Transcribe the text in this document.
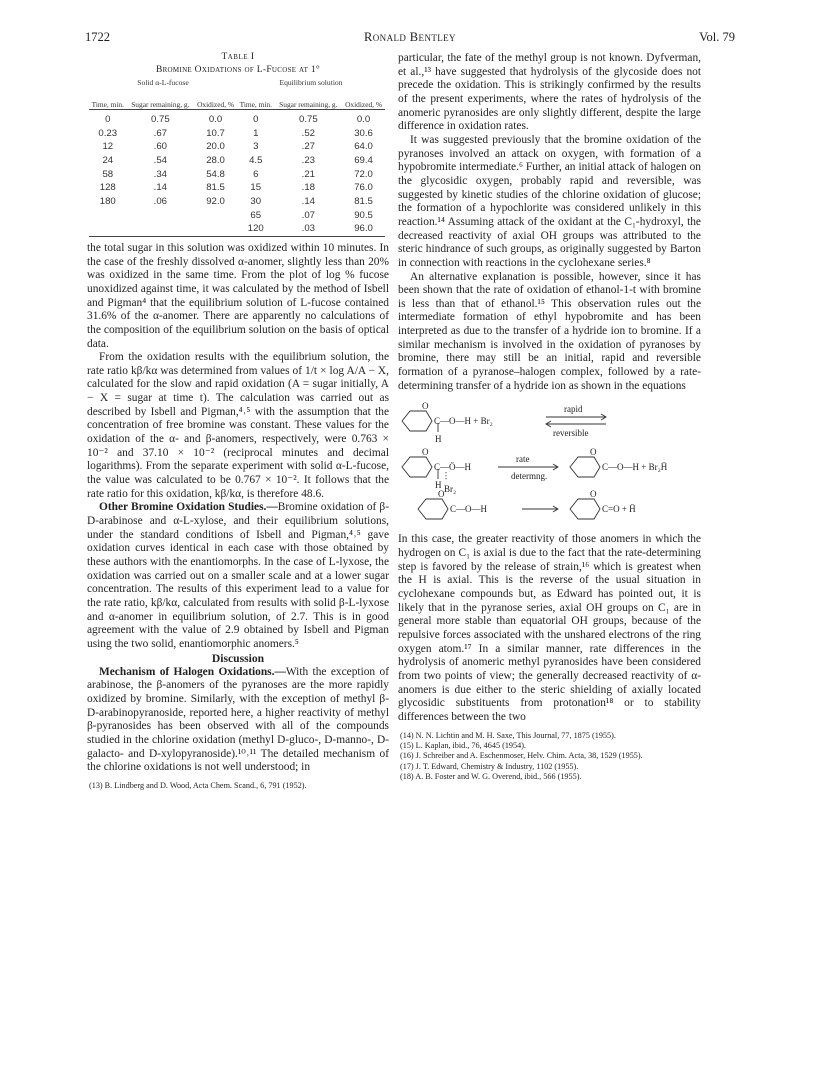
1722	Ronald Bentley	Vol. 79
Table I
Bromine Oxidations of L-Fucose at 1°
Solid α-L-fucose			Equilibrium solution		
Time, min.	Sugar remaining, g.	Oxidized, %	Time, min.	Sugar remaining, g.	Oxidized, %

0	0.75	0.0	0	0.75	0.0
0.23	.67	10.7	1	.52	30.6
12	.60	20.0	3	.27	64.0
24	.54	28.0	4.5	.23	69.4
58	.34	54.8	6	.21	72.0
128	.14	81.5	15	.18	76.0
180	.06	92.0	30	.14	81.5
			65	.07	90.5
			120	.03	96.0

the total sugar in this solution was oxidized within 10 minutes. In the case of the freshly dissolved α-anomer, slightly less than 20% was oxidized in the same time. From the plot of log % fucose unoxidized against time, it was calculated by the method of Isbell and Pigman⁴ that the equilibrium solution of L-fucose contained 31.6% of the α-anomer. There are apparently no calculations of the composition of the equilibrium solution on the basis of optical data.

From the oxidation results with the equilibrium solution, the rate ratio kβ/kα was determined from values of 1/t × log A/A − X, calculated for the slow and rapid oxidation (A = sugar initially, A − X = sugar at time t). The calculation was carried out as described by Isbell and Pigman,⁴˒⁵ with the assumption that the concentration of free bromine was constant. These values for the oxidation of the α- and β-anomers, respectively, were 0.763 × 10⁻² and 37.10 × 10⁻² (reciprocal minutes and decimal logarithms). From the separate experiment with solid α-L-fucose, the value was calculated to be 0.767 × 10⁻². It follows that the rate ratio for this oxidation, kβ/kα, is therefore 48.6.

Other Bromine Oxidation Studies.—Bromine oxidation of β-D-arabinose and α-L-xylose, and their equilibrium solutions, under the standard conditions of Isbell and Pigman,⁴˒⁵ gave oxidation curves identical in each case with those obtained by these authors with the enantiomorphs. In the case of L-lyxose, the oxidation was carried out on a smaller scale and at a lower sugar concentration. The results of this experiment lead to a value for the rate ratio, kβ/kα, calculated from results with solid β-L-lyxose and α-anomer in equilibrium solution, of 2.7. This is in good agreement with the value of 2.9 obtained by Isbell and Pigman using the two solid, enantiomorphic anomers.⁵

Discussion

Mechanism of Halogen Oxidations.—With the exception of arabinose, the β-anomers of the pyranoses are the more rapidly oxidized by bromine. Similarly, with the exception of methyl β-D-arabinopyranoside, reported here, a higher reactivity of methyl β-pyranosides has been observed with all of the compounds studied in the chlorine oxidation (methyl D-gluco-, D-manno-, D-galacto- and D-xylopyranoside).¹⁰˒¹¹ The detailed mechanism of the chlorine oxidations is not well understood; in

(13) B. Lindberg and D. Wood, Acta Chem. Scand., 6, 791 (1952).

particular, the fate of the methyl group is not known. Dyfverman, et al.,¹³ have suggested that hydrolysis of the glycoside does not precede the oxidation. This is strikingly confirmed by the results of the present experiments, where the rates of hydrolysis of the anomeric pyranosides are only slightly different, despite the large difference in oxidation rates.

It was suggested previously that the bromine oxidation of the pyranoses involved an attack on oxygen, with formation of a hypobromite intermediate.⁶ Further, an initial attack of halogen on the glycosidic oxygen, probably rapid and reversible, was suggested by kinetic studies of the chlorine oxidation of glucose; the formation of a hypochlorite was considered unlikely in this reaction.¹⁴ Assuming attack of the oxidant at the C₁-hydroxyl, the decreased reactivity of axial OH groups was attributed to the steric hindrance of such groups, as originally suggested by Barton in connection with reactions in the cyclohexane series.⁸

An alternative explanation is possible, however, since it has been shown that the rate of oxidation of ethanol-1-t with bromine is less than that of ethanol.¹⁵ This observation rules out the intermediate formation of ethyl hypobromite and has been interpreted as due to the transfer of a hydride ion to bromine. If a similar mechanism is involved in the oxidation of pyranoses by bromine, there may still be an initial, rapid and reversible formation of a pyranose–halogen complex, followed by a rate-determining transfer of a hydride ion as shown in the equations

O
O	O
O	O
C—O—H + Br₂
H
rapid
reversible
C—Ö—H
H Br₂
rate
determng.
C—O—H + Br₂H̄
C—O—H	C=O + H̄

In this case, the greater reactivity of those anomers in which the hydrogen on C₁ is axial is due to the fact that the rate-determining step is favored by the release of strain,¹⁶ which is greatest when the H is axial. This is the reverse of the usual situation in cyclohexane compounds but, as Edward has pointed out, it is likely that in the pyranose series, axial OH groups on C₁ are in general more stable than equatorial OH groups, because of the repulsive forces associated with the unshared electrons of the ring oxygen atom.¹⁷ In a similar manner, rate differences in the hydrolysis of anomeric methyl pyranosides have been considered from two points of view; the generally decreased reactivity of α-anomers is due either to the steric shielding of axially located glycosidic substituents from protonation¹⁸ or to stability differences between the two

(14) N. N. Lichtin and M. H. Saxe, This Journal, 77, 1875 (1955).
(15) L. Kaplan, ibid., 76, 4645 (1954).
(16) J. Schreiber and A. Eschenmoser, Helv. Chim. Acta, 38, 1529 (1955).
(17) J. T. Edward, Chemistry & Industry, 1102 (1955).
(18) A. B. Foster and W. G. Overend, ibid., 566 (1955).
